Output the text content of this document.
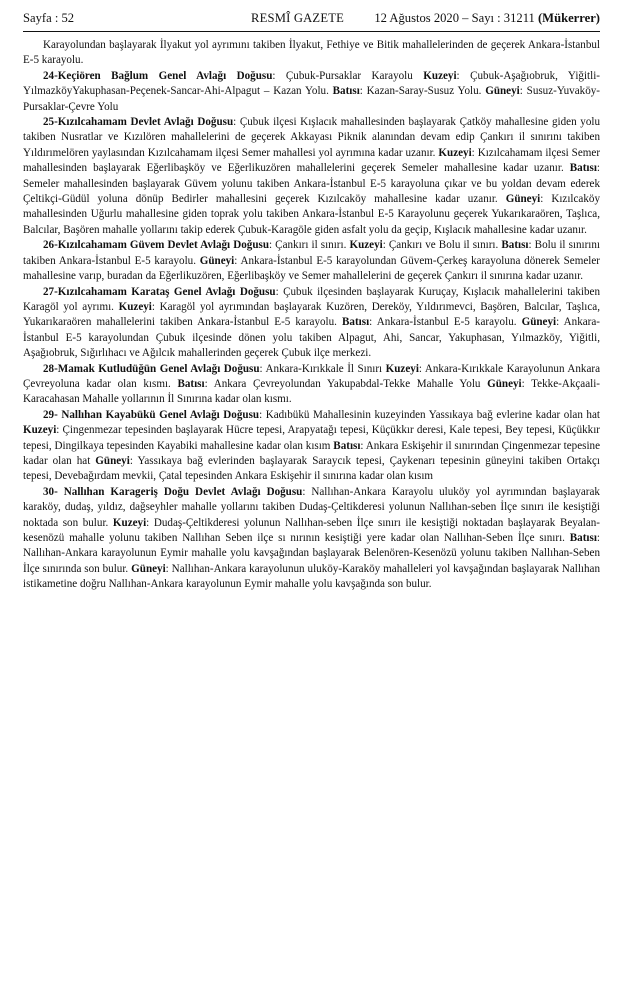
Sayfa : 52	RESMÎ GAZETE 12 Ağustos 2020 – Sayı : 31211 (Mükerrer)

Karayolundan başlayarak İlyakut yol ayrımını takiben İlyakut, Fethiye ve Bitik mahallelerinden de geçerek Ankara-İstanbul E-5 karayolu.

24-Keçiören Bağlum Genel Avlağı Doğusu: Çubuk-Pursaklar Karayolu Kuzeyi: Çubuk-Aşağıobruk, Yiğitli-YılmazköyYakuphasan-Peçenek-Sancar-Ahi-Alpagut – Kazan Yolu. Batısı: Kazan-Saray-Susuz Yolu. Güneyi: Susuz-Yuvaköy-Pursaklar-Çevre Yolu

25-Kızılcahamam Devlet Avlağı Doğusu: Çubuk ilçesi Kışlacık mahallesinden başlayarak Çatköy mahallesine giden yolu takiben Nusratlar ve Kızılören mahallelerini de geçerek Akkayası Piknik alanından devam edip Çankırı il sınırını takiben Yıldırımelören yaylasından Kızılcahamam ilçesi Semer mahallesi yol ayrımına kadar uzanır. Kuzeyi: Kızılcahamam ilçesi Semer mahallesinden başlayarak Eğerlibaşköy ve Eğerlikuzören mahallelerini geçerek Semeler mahallesine kadar uzanır. Batısı: Semeler mahallesinden başlayarak Güvem yolunu takiben Ankara-İstanbul E-5 karayoluna çıkar ve bu yoldan devam ederek Çeltikçi-Güdül yoluna dönüp Bedirler mahallesini geçerek Kızılcaköy mahallesine kadar uzanır. Güneyi: Kızılcaköy mahallesinden Uğurlu mahallesine giden toprak yolu takiben Ankara-İstanbul E-5 Karayolunu geçerek Yukarıkaraören, Taşlıca, Balcılar, Başören mahalle yollarını takip ederek Çubuk-Karagöle giden asfalt yolu da geçip, Kışlacık mahallesine kadar uzanır.

26-Kızılcahamam Güvem Devlet Avlağı Doğusu: Çankırı il sınırı. Kuzeyi: Çankırı ve Bolu il sınırı. Batısı: Bolu il sınırını takiben Ankara-İstanbul E-5 karayolu. Güneyi: Ankara-İstanbul E-5 karayolundan Güvem-Çerkeş karayoluna dönerek Semeler mahallesine varıp, buradan da Eğerlikuzören, Eğerlibaşköy ve Semer mahallelerini de geçerek Çankırı il sınırına kadar uzanır.

27-Kızılcahamam Karataş Genel Avlağı Doğusu: Çubuk ilçesinden başlayarak Kuruçay, Kışlacık mahallelerini takiben Karagöl yol ayrımı. Kuzeyi: Karagöl yol ayrımından başlayarak Kuzören, Dereköy, Yıldırımevci, Başören, Balcılar, Taşlıca, Yukarıkaraören mahallelerini takiben Ankara-İstanbul E-5 karayolu. Batısı: Ankara-İstanbul E-5 karayolu. Güneyi: Ankara-İstanbul E-5 karayolundan Çubuk ilçesinde dönen yolu takiben Alpagut, Ahi, Sancar, Yakuphasan, Yılmazköy, Yiğitli, Aşağıobruk, Sığırlıhacı ve Ağılcık mahallerinden geçerek Çubuk ilçe merkezi.

28-Mamak Kutludüğün Genel Avlağı Doğusu: Ankara-Kırıkkale İl Sınırı Kuzeyi: Ankara-Kırıkkale Karayolunun Ankara Çevreyoluna kadar olan kısmı. Batısı: Ankara Çevreyolundan Yakupabdal-Tekke Mahalle Yolu Güneyi: Tekke-Akçaali-Karacahasan Mahalle yollarının İl Sınırına kadar olan kısmı.

29- Nallıhan Kayabükü Genel Avlağı Doğusu: Kadıbükü Mahallesinin kuzeyinden Yassıkaya bağ evlerine kadar olan hat Kuzeyi: Çingenmezar tepesinden başlayarak Hücre tepesi, Arapyatağı tepesi, Küçükkır deresi, Kale tepesi, Bey tepesi, Küçükkır tepesi, Dingilkaya tepesinden Kayabiki mahallesine kadar olan kısım Batısı: Ankara Eskişehir il sınırından Çingenmezar tepesine kadar olan hat Güneyi: Yassıkaya bağ evlerinden başlayarak Saraycık tepesi, Çaykenarı tepesinin güneyini takiben Ortakçı tepesi, Devebağırdam mevkii, Çatal tepesinden Ankara Eskişehir il sınırına kadar olan kısım

30- Nallıhan Karageriş Doğu Devlet Avlağı Doğusu: Nallıhan-Ankara Karayolu uluköy yol ayrımından başlayarak karaköy, dudaş, yıldız, dağseyhler mahalle yollarını takiben Dudaş-Çeltikderesi yolunun Nallıhan-seben İlçe sınırı ile kesiştiği noktada son bulur. Kuzeyi: Dudaş-Çeltikderesi yolunun Nallıhan-seben İlçe sınırı ile kesiştiği noktadan başlayarak Beyalan-kesenözü mahalle yolunu takiben Nallıhan Seben ilçe sı nırının kesiştiği yere kadar olan Nallıhan-Seben İlçe sınırı. Batısı: Nallıhan-Ankara karayolunun Eymir mahalle yolu kavşağından başlayarak Belenören-Kesenözü yolunu takiben Nallıhan-Seben İlçe sınırında son bulur. Güneyi: Nallıhan-Ankara karayolunun uluköy-Karaköy mahalleleri yol kavşağından başlayarak Nallıhan istikametine doğru Nallıhan-Ankara karayolunun Eymir mahalle yolu kavşağında son bulur.
